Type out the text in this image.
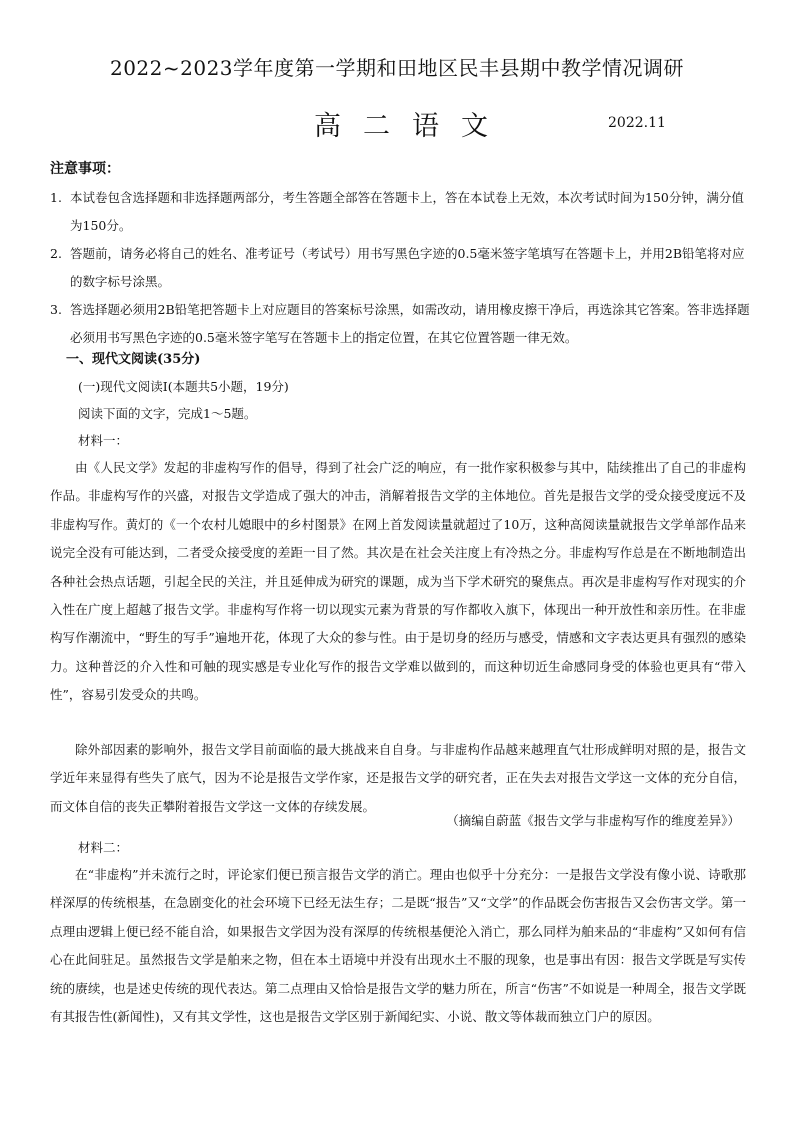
2022~2023学年度第一学期和田地区民丰县期中教学情况调研
高二语文	2022.11
注意事项：
1. 本试卷包含选择题和非选择题两部分，考生答题全部答在答题卡上，答在本试卷上无效，本次考试时间为150分钟，满分值为150分。
2. 答题前，请务必将自己的姓名、准考证号（考试号）用书写黑色字迹的0.5毫米签字笔填写在答题卡上，并用2B铅笔将对应的数字标号涂黑。
3. 答选择题必须用2B铅笔把答题卡上对应题目的答案标号涂黑，如需改动，请用橡皮擦干净后，再选涂其它答案。答非选择题必须用书写黑色字迹的0.5毫米签字笔写在答题卡上的指定位置，在其它位置答题一律无效。
一、现代文阅读(35分)
(一)现代文阅读Ⅰ(本题共5小题，19分)
阅读下面的文字，完成1～5题。
材料一：
由《人民文学》发起的非虚构写作的倡导，得到了社会广泛的响应，有一批作家积极参与其中，陆续推出了自己的非虚构作品。非虚构写作的兴盛，对报告文学造成了强大的冲击，消解着报告文学的主体地位。首先是报告文学的受众接受度远不及非虚构写作。黄灯的《一个农村儿媳眼中的乡村图景》在网上首发阅读量就超过了10万，这种高阅读量就报告文学单部作品来说完全没有可能达到，二者受众接受度的差距一目了然。其次是在社会关注度上有冷热之分。非虚构写作总是在不断地制造出各种社会热点话题，引起全民的关注，并且延伸成为研究的课题，成为当下学术研究的聚焦点。再次是非虚构写作对现实的介入性在广度上超越了报告文学。非虚构写作将一切以现实元素为背景的写作都收入旗下，体现出一种开放性和亲历性。在非虚构写作潮流中，“野生的写手”遍地开花，体现了大众的参与性。由于是切身的经历与感受，情感和文字表达更具有强烈的感染力。这种普泛的介入性和可触的现实感是专业化写作的报告文学难以做到的，而这种切近生命感同身受的体验也更具有“带入性”，容易引发受众的共鸣。
除外部因素的影响外，报告文学目前面临的最大挑战来自自身。与非虚构作品越来越理直气壮形成鲜明对照的是，报告文学近年来显得有些失了底气，因为不论是报告文学作家，还是报告文学的研究者，正在失去对报告文学这一文体的充分自信，而文体自信的丧失正攀附着报告文学这一文体的存续发展。
（摘编自蔚蓝《报告文学与非虚构写作的维度差异》）
材料二：
在“非虚构”并未流行之时，评论家们便已预言报告文学的消亡。理由也似乎十分充分：一是报告文学没有像小说、诗歌那样深厚的传统根基，在急剧变化的社会环境下已经无法生存；二是既“报告”又“文学”的作品既会伤害报告又会伤害文学。第一点理由逻辑上便已经不能自洽，如果报告文学因为没有深厚的传统根基便沦入消亡，那么同样为舶来品的“非虚构”又如何有信心在此间驻足。虽然报告文学是舶来之物，但在本土语境中并没有出现水土不服的现象，也是事出有因：报告文学既是写实传统的赓续，也是述史传统的现代表达。第二点理由又恰恰是报告文学的魅力所在，所言“伤害”不如说是一种周全，报告文学既有其报告性(新闻性)，又有其文学性，这也是报告文学区别于新闻纪实、小说、散文等体裁而独立门户的原因。
